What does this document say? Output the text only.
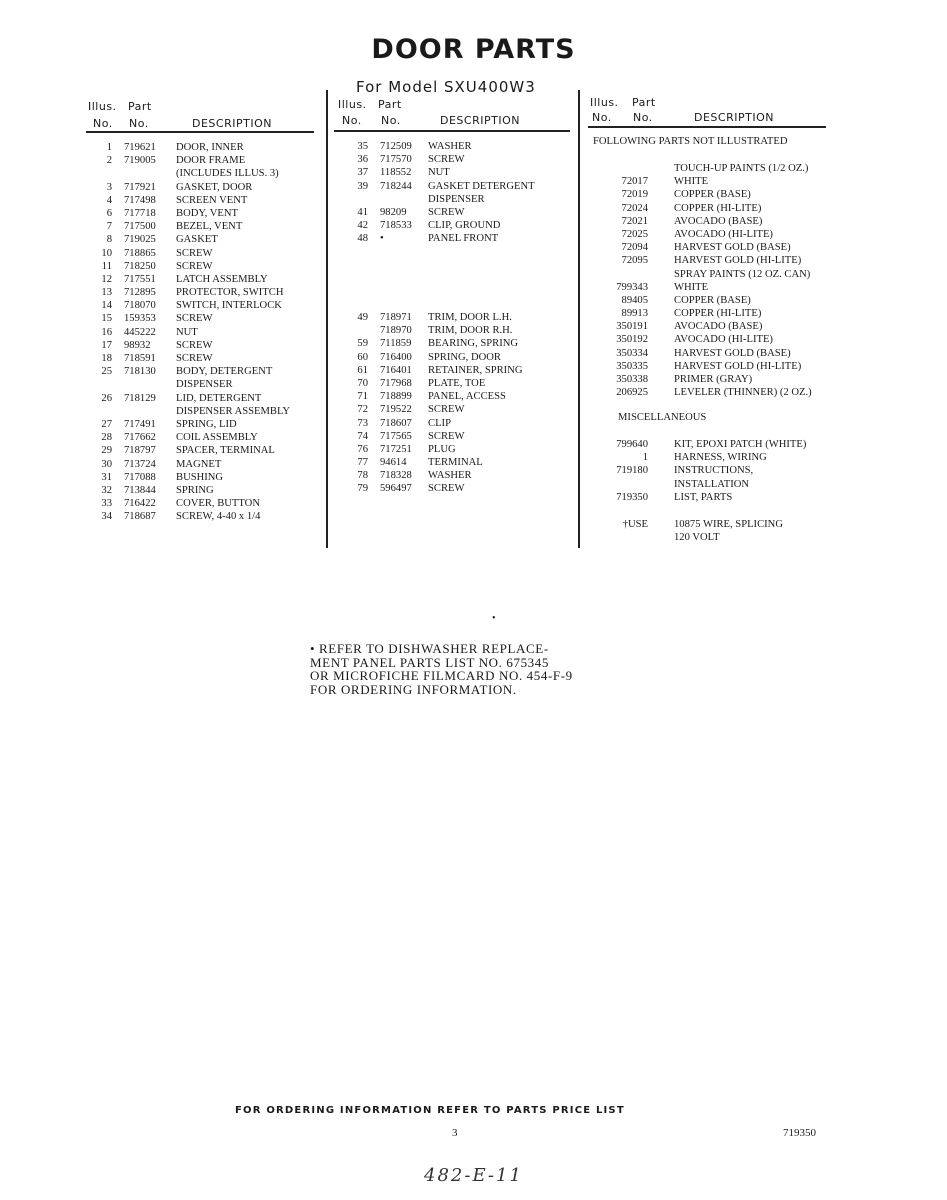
DOOR PARTS
For Model SXU400W3
Illus. Part
No. No.	DESCRIPTION
Illus. Part
No. No.	DESCRIPTION
Illus. Part
No. No.	DESCRIPTION
1 719621 DOOR, INNER
2 719005 DOOR FRAME
(INCLUDES ILLUS. 3)
3 717921 GASKET, DOOR
4 717498 SCREEN VENT
6 717718 BODY, VENT
7 717500 BEZEL, VENT
8 719025 GASKET
10 718865 SCREW
11 718250 SCREW
12 717551 LATCH ASSEMBLY
13 712895 PROTECTOR, SWITCH
14 718070 SWITCH, INTERLOCK
15 159353 SCREW
16 445222 NUT
17 98932 SCREW
18 718591 SCREW
25 718130 BODY, DETERGENT
DISPENSER
26 718129 LID, DETERGENT
DISPENSER ASSEMBLY
27 717491 SPRING, LID
28 717662 COIL ASSEMBLY
29 718797 SPACER, TERMINAL
30 713724 MAGNET
31 717088 BUSHING
32 713844 SPRING
33 716422 COVER, BUTTON
34 718687 SCREW, 4-40 x 1/4
35 712509 WASHER
36 717570 SCREW
37 118552 NUT
39 718244 GASKET DETERGENT
DISPENSER
41 98209 SCREW
42 718533 CLIP, GROUND
48 •	PANEL FRONT
49 718971 TRIM, DOOR L.H.
718970 TRIM, DOOR R.H.
59 711859 BEARING, SPRING
60 716400 SPRING, DOOR
61 716401 RETAINER, SPRING
70 717968 PLATE, TOE
71 718899 PANEL, ACCESS
72 719522 SCREW
73 718607 CLIP
74 717565 SCREW
76 717251 PLUG
77 94614 TERMINAL
78 718328 WASHER
79 596497 SCREW
FOLLOWING PARTS NOT ILLUSTRATED
TOUCH-UP PAINTS (1/2 OZ.)
72017 WHITE
72019 COPPER (BASE)
72024 COPPER (HI-LITE)
72021 AVOCADO (BASE)
72025 AVOCADO (HI-LITE)
72094 HARVEST GOLD (BASE)
72095 HARVEST GOLD (HI-LITE)
SPRAY PAINTS (12 OZ. CAN)
799343 WHITE
89405 COPPER (BASE)
89913 COPPER (HI-LITE)
350191 AVOCADO (BASE)
350192 AVOCADO (HI-LITE)
350334 HARVEST GOLD (BASE)
350335 HARVEST GOLD (HI-LITE)
350338 PRIMER (GRAY)
206925 LEVELER (THINNER) (2 OZ.)
MISCELLANEOUS
799640 KIT, EPOXI PATCH (WHITE)
1 HARNESS, WIRING
719180 INSTRUCTIONS,
INSTALLATION
719350 LIST, PARTS
†USE 10875 WIRE, SPLICING
120 VOLT
•
• REFER TO DISHWASHER REPLACE-
MENT PANEL PARTS LIST NO. 675345
OR MICROFICHE FILMCARD NO. 454-F-9
FOR ORDERING INFORMATION.
FOR ORDERING INFORMATION REFER TO PARTS PRICE LIST
3	719350
482-E-11
